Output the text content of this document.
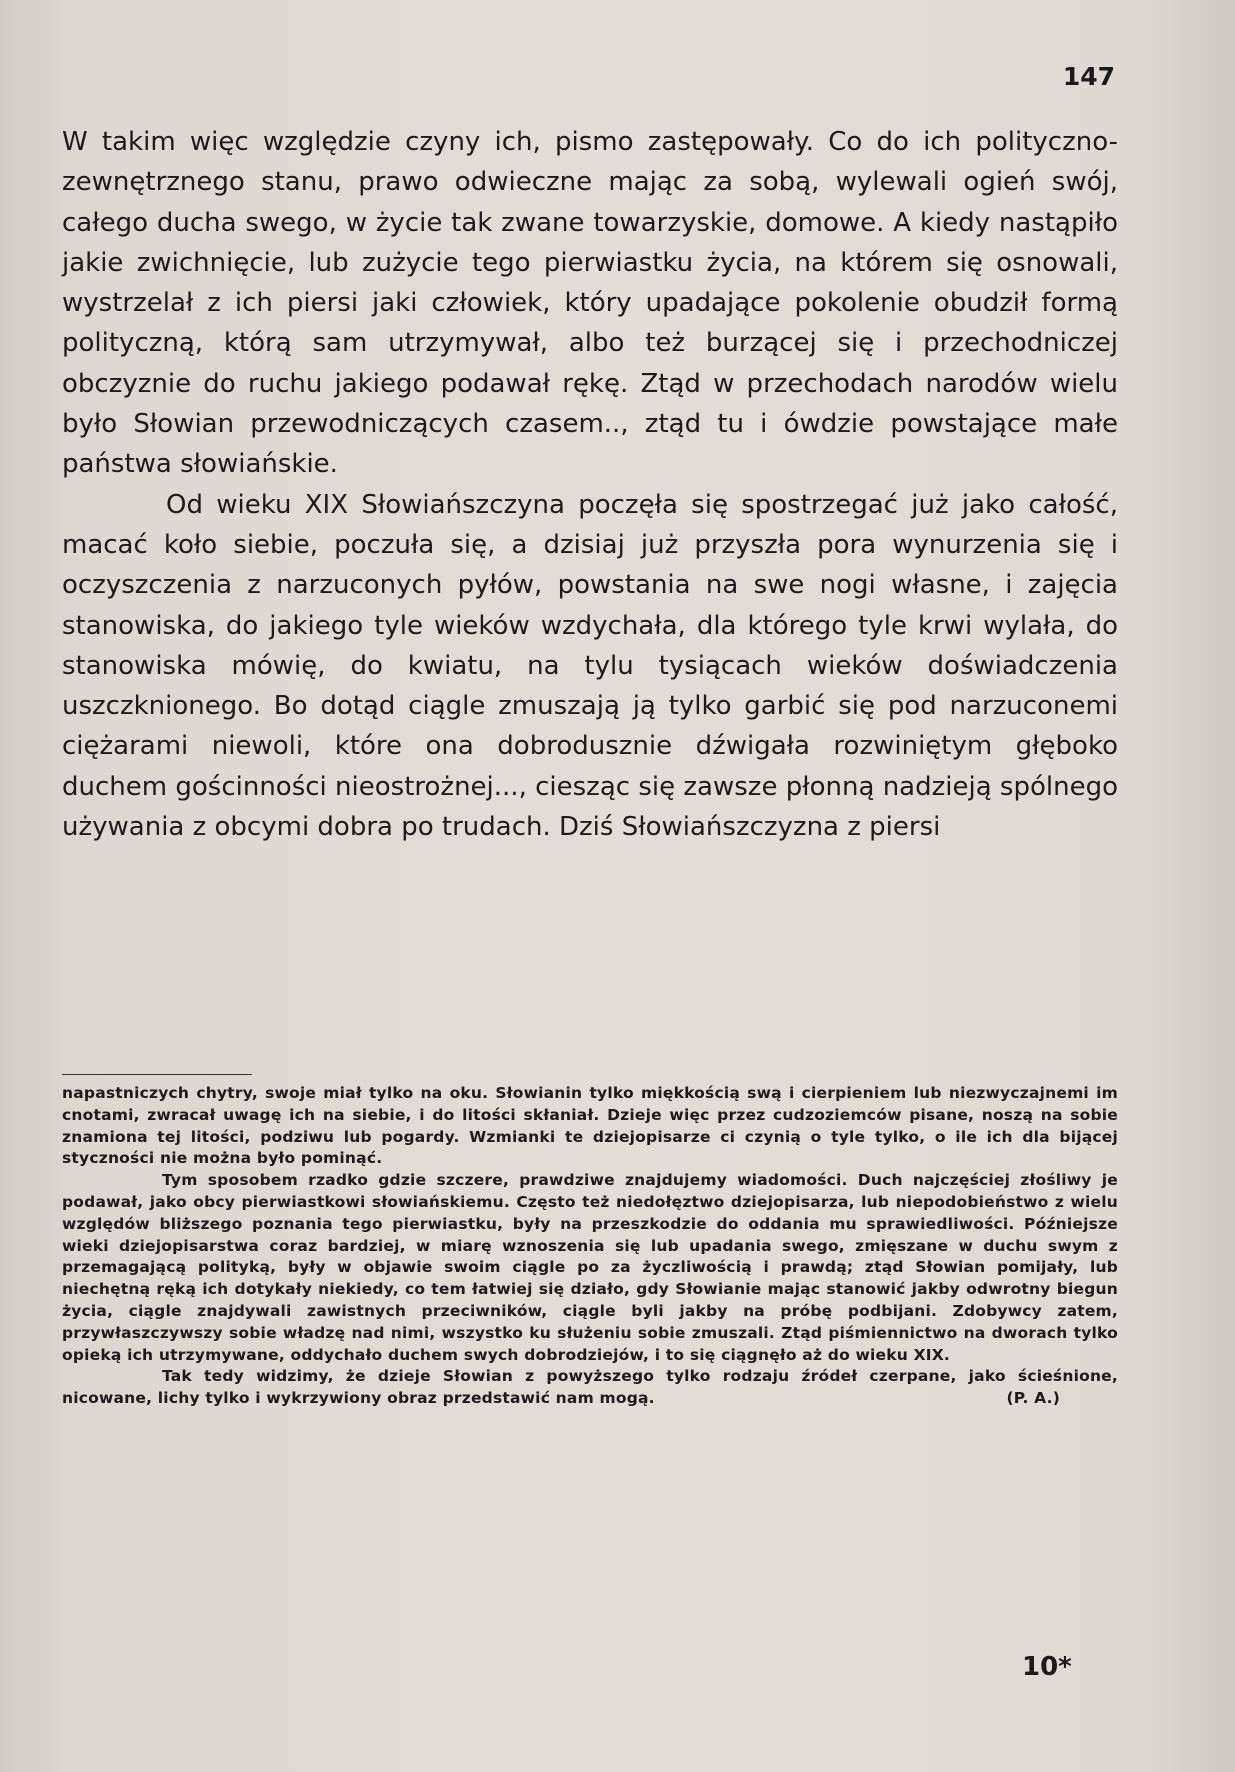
147

W takim więc względzie czyny ich, pismo zastępowały. Co do ich polityczno-zewnętrznego stanu, prawo odwieczne mając za sobą, wylewali ogień swój, całego ducha swego, w życie tak zwane towarzyskie, domowe. A kiedy nastąpiło jakie zwichnięcie, lub zużycie tego pierwiastku życia, na którem się osnowali, wystrzelał z ich piersi jaki człowiek, który upadające pokolenie obudził formą polityczną, którą sam utrzymywał, albo też burzącej się i przechodniczej obczyznie do ruchu jakiego podawał rękę. Ztąd w przechodach narodów wielu było Słowian przewodniczących czasem.., ztąd tu i ówdzie powstające małe państwa słowiańskie.

Od wieku XIX Słowiańszczyna poczęła się spostrzegać już jako całość, macać koło siebie, poczuła się, a dzisiaj już przyszła pora wynurzenia się i oczyszczenia z narzuconych pyłów, powstania na swe nogi własne, i zajęcia stanowiska, do jakiego tyle wieków wzdychała, dla którego tyle krwi wylała, do stanowiska mówię, do kwiatu, na tylu tysiącach wieków doświadczenia uszczknionego. Bo dotąd ciągle zmuszają ją tylko garbić się pod narzuconemi ciężarami niewoli, które ona dobrodusznie dźwigała rozwiniętym głęboko duchem gościnności nieostrożnej..., ciesząc się zawsze płonną nadzieją spólnego używania z obcymi dobra po trudach. Dziś Słowiańszczyzna z piersi

napastniczych chytry, swoje miał tylko na oku. Słowianin tylko miękkością swą i cierpieniem lub niezwyczajnemi im cnotami, zwracał uwagę ich na siebie, i do litości skłaniał. Dzieje więc przez cudzoziemców pisane, noszą na sobie znamiona tej litości, podziwu lub pogardy. Wzmianki te dziejopisarze ci czynią o tyle tylko, o ile ich dla bijącej styczności nie można było pominąć.

Tym sposobem rzadko gdzie szczere, prawdziwe znajdujemy wiadomości. Duch najczęściej złośliwy je podawał, jako obcy pierwiastkowi słowiańskiemu. Często też niedołęztwo dziejopisarza, lub niepodobieństwo z wielu względów bliższego poznania tego pierwiastku, były na przeszkodzie do oddania mu sprawiedliwości. Późniejsze wieki dziejopisarstwa coraz bardziej, w miarę wznoszenia się lub upadania swego, zmięszane w duchu swym z przemagającą polityką, były w objawie swoim ciągle po za życzliwością i prawdą; ztąd Słowian pomijały, lub niechętną ręką ich dotykały niekiedy, co tem łatwiej się działo, gdy Słowianie mając stanowić jakby odwrotny biegun życia, ciągle znajdywali zawistnych przeciwników, ciągle byli jakby na próbę podbijani. Zdobywcy zatem, przywłaszczywszy sobie władzę nad nimi, wszystko ku służeniu sobie zmuszali. Ztąd piśmiennictwo na dworach tylko opieką ich utrzymywane, oddychało duchem swych dobrodziejów, i to się ciągnęło aż do wieku XIX.

Tak tedy widzimy, że dzieje Słowian z powyższego tylko rodzaju źródeł czerpane, jako ścieśnione, nicowane, lichy tylko i wykrzywiony obraz przedstawić nam mogą.	(P. A.)

10*
